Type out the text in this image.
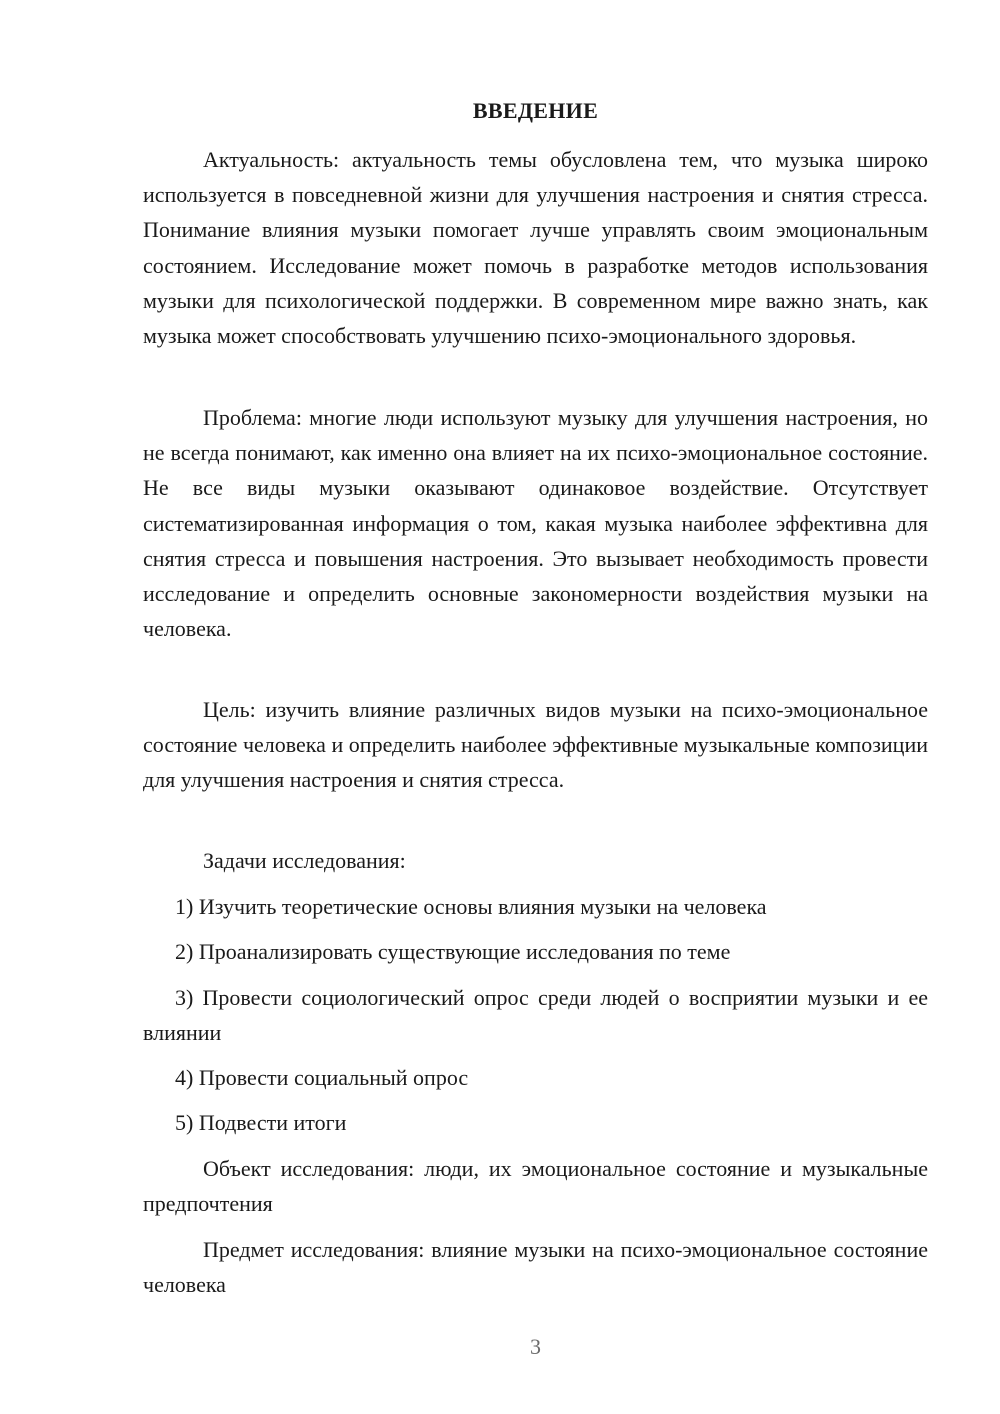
ВВЕДЕНИЕ

Актуальность: актуальность темы обусловлена тем, что музыка широко используется в повседневной жизни для улучшения настроения и снятия стресса. Понимание влияния музыки помогает лучше управлять своим эмоциональным состоянием. Исследование может помочь в разработке методов использования музыки для психологической поддержки. В современном мире важно знать, как музыка может способствовать улучшению психо-эмоционального здоровья.

Проблема: многие люди используют музыку для улучшения настроения, но не всегда понимают, как именно она влияет на их психо-эмоциональное состояние. Не все виды музыки оказывают одинаковое воздействие. Отсутствует систематизированная информация о том, какая музыка наиболее эффективна для снятия стресса и повышения настроения. Это вызывает необходимость провести исследование и определить основные закономерности воздействия музыки на человека.

Цель: изучить влияние различных видов музыки на психо-эмоциональное состояние человека и определить наиболее эффективные музыкальные композиции для улучшения настроения и снятия стресса.

Задачи исследования:

1) Изучить теоретические основы влияния музыки на человека

2) Проанализировать существующие исследования по теме

3) Провести социологический опрос среди людей о восприятии музыки и ее влиянии

4) Провести социальный опрос

5) Подвести итоги

Объект исследования: люди, их эмоциональное состояние и музыкальные предпочтения

Предмет исследования: влияние музыки на психо-эмоциональное состояние человека

3
